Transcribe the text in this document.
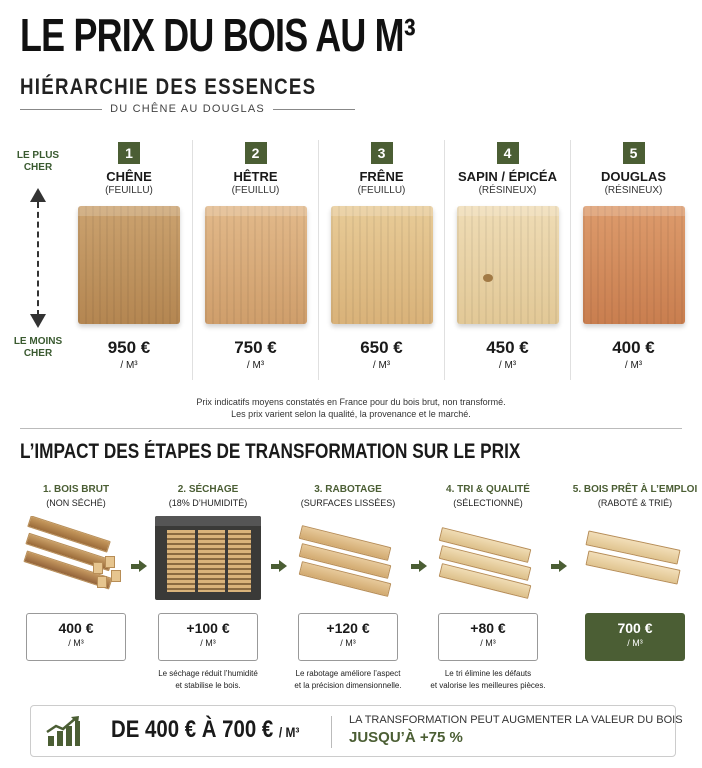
LE PRIX DU BOIS AU M³
HIÉRARCHIE DES ESSENCES
DU CHÊNE AU DOUGLAS
LE PLUS CHER
LE MOINS CHER
1
CHÊNE
(FEUILLU)
950 €
/ M³
2
HÊTRE
(FEUILLU)
750 €
/ M³
3
FRÊNE
(FEUILLU)
650 €
/ M³
4
SAPIN / ÉPICÉA
(RÉSINEUX)
450 €
/ M³
5
DOUGLAS
(RÉSINEUX)
400 €
/ M³
Prix indicatifs moyens constatés en France pour du bois brut, non transformé.
Les prix varient selon la qualité, la provenance et le marché.
L’IMPACT DES ÉTAPES DE TRANSFORMATION SUR LE PRIX
1. BOIS BRUT
(NON SÉCHÉ)
400 €
/ M³
2. SÉCHAGE
(18% D’HUMIDITÉ)
+100 €
/ M³
Le séchage réduit l’humidité
et stabilise le bois.
3. RABOTAGE
(SURFACES LISSÉES)
+120 €
/ M³
Le rabotage améliore l’aspect
et la précision dimensionnelle.
4. TRI & QUALITÉ
(SÉLECTIONNÉ)
+80 €
/ M³
Le tri élimine les défauts
et valorise les meilleures pièces.
5. BOIS PRÊT À L’EMPLOI
(RABOTÉ & TRIÉ)
700 €
/ M³
DE 400 € À 700 € / M³
LA TRANSFORMATION PEUT AUGMENTER LA VALEUR DU BOIS
JUSQU’À +75 %
